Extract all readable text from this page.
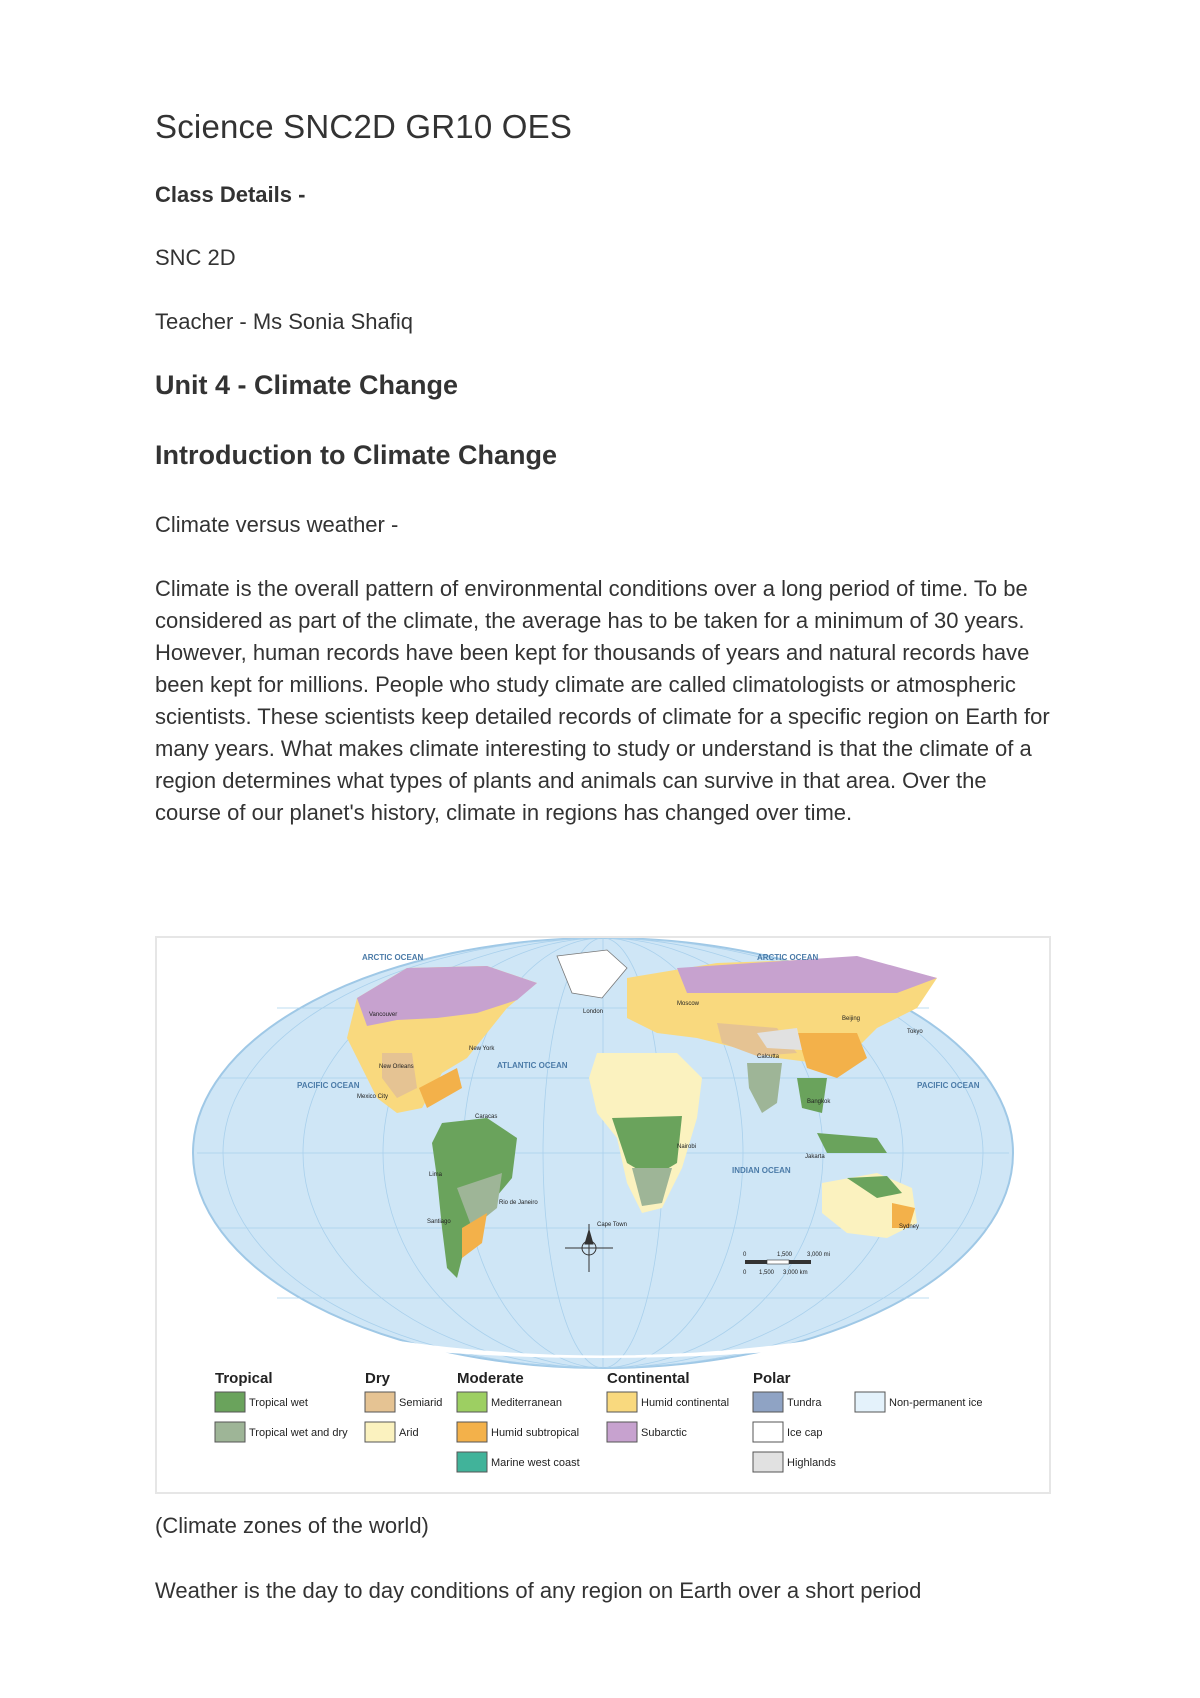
Science SNC2D GR10 OES

Class Details -

SNC 2D

Teacher - Ms Sonia Shafiq

Unit 4 - Climate Change
Introduction to Climate Change

Climate versus weather -

Climate is the overall pattern of environmental conditions over a long period of time. To be considered as part of the climate, the average has to be taken for a minimum of 30 years. However, human records have been kept for thousands of years and natural records have been kept for millions. People who study climate are called climatologists or atmospheric scientists. These scientists keep detailed records of climate for a specific region on Earth for many years. What makes climate interesting to study or understand is that the climate of a region determines what types of plants and animals can survive in that area. Over the course of our planet's history, climate in regions has changed over time.

ARCTIC OCEAN	ARCTIC OCEAN
PACIFIC OCEAN
ATLANTIC OCEAN
INDIAN OCEAN
PACIFIC OCEAN
Vancouver
New York
New Orleans
Mexico City
Caracas
Lima
Rio de Janeiro
Santiago
London
Moscow
Nairobi
Cape Town
Beijing
Tokyo
Calcutta
Bangkok
Jakarta
Sydney
0	1,500 3,000 mi
0 1,500 3,000 km
Tropical
Tropical wet
Tropical wet and dry
Dry
Semiarid
Arid
Moderate
Mediterranean
Humid subtropical
Marine west coast
Continental
Humid continental
Subarctic
Polar
Tundra
Ice cap
Highlands
Non-permanent ice

(Climate zones of the world)

Weather is the day to day conditions of any region on Earth over a short period
